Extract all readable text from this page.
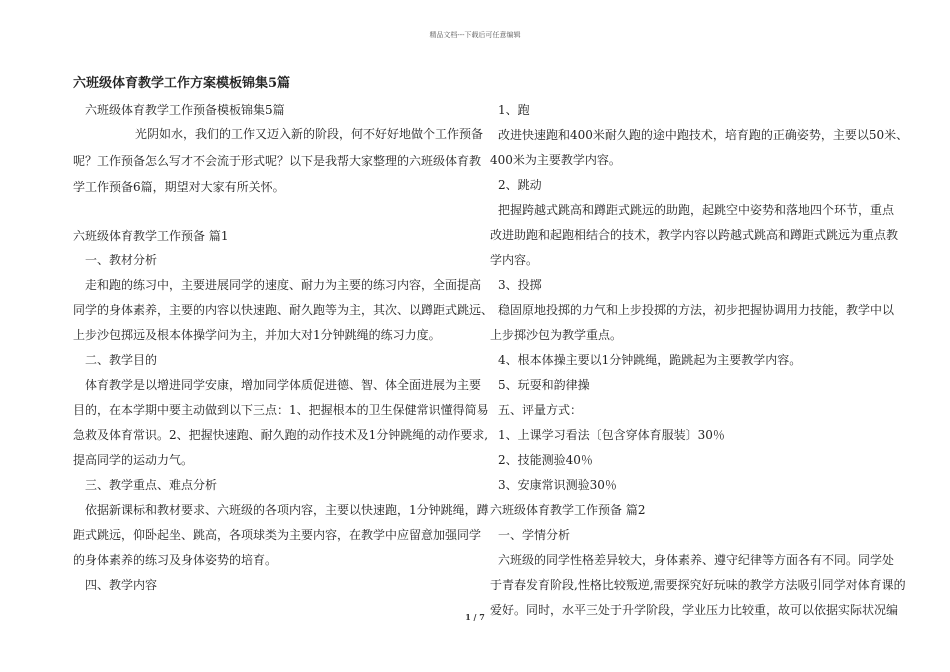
精品文档---下载后可任意编辑

六班级体育教学工作方案模板锦集5篇

六班级体育教学工作预备模板锦集5篇

光阴如水，我们的工作又迈入新的阶段，何不好好地做个工作预备

呢？工作预备怎么写才不会流于形式呢？以下是我帮大家整理的六班级体育教

学工作预备6篇，期望对大家有所关怀。

六班级体育教学工作预备 篇1

一、教材分析

走和跑的练习中，主要进展同学的速度、耐力为主要的练习内容，全面提高

同学的身体素养，主要的内容以快速跑、耐久跑等为主，其次、以蹲距式跳远、

上步沙包掷远及根本体操学问为主，并加大对1分钟跳绳的练习力度。

二、教学目的

体育教学是以增进同学安康，增加同学体质促进德、智、体全面进展为主要

目的，在本学期中要主动做到以下三点：1、把握根本的卫生保健常识懂得简易

急救及体育常识。2、把握快速跑、耐久跑的动作技术及1分钟跳绳的动作要求,

提高同学的运动力气。

三、教学重点、难点分析

依据新课标和教材要求、六班级的各项内容，主要以快速跑，1分钟跳绳，蹲

距式跳远，仰卧起坐、跳高，各项球类为主要内容，在教学中应留意加强同学

的身体素养的练习及身体姿势的培育。

四、教学内容

1、跑

改进快速跑和400米耐久跑的途中跑技术，培育跑的正确姿势，主要以50米、

400米为主要教学内容。

2、跳动

把握跨越式跳高和蹲距式跳远的助跑，起跳空中姿势和落地四个环节，重点

改进助跑和起跑相结合的技术，教学内容以跨越式跳高和蹲距式跳远为重点教

学内容。

3、投掷

稳固原地投掷的力气和上步投掷的方法，初步把握协调用力技能，教学中以

上步掷沙包为教学重点。

4、根本体操主要以1分钟跳绳，跪跳起为主要教学内容。

5、玩耍和韵律操

五、评量方式：

1、上课学习看法〔包含穿体育服装〕30％

2、技能测验40％

3、安康常识测验30％

六班级体育教学工作预备 篇2

一、学情分析

六班级的同学性格差异较大，身体素养、遵守纪律等方面各有不同。同学处

于青春发育阶段,性格比较叛逆,需要探究好玩味的教学方法吸引同学对体育课的

爱好。同时，水平三处于升学阶段，学业压力比较重，故可以依据实际状况编

1 / 7
